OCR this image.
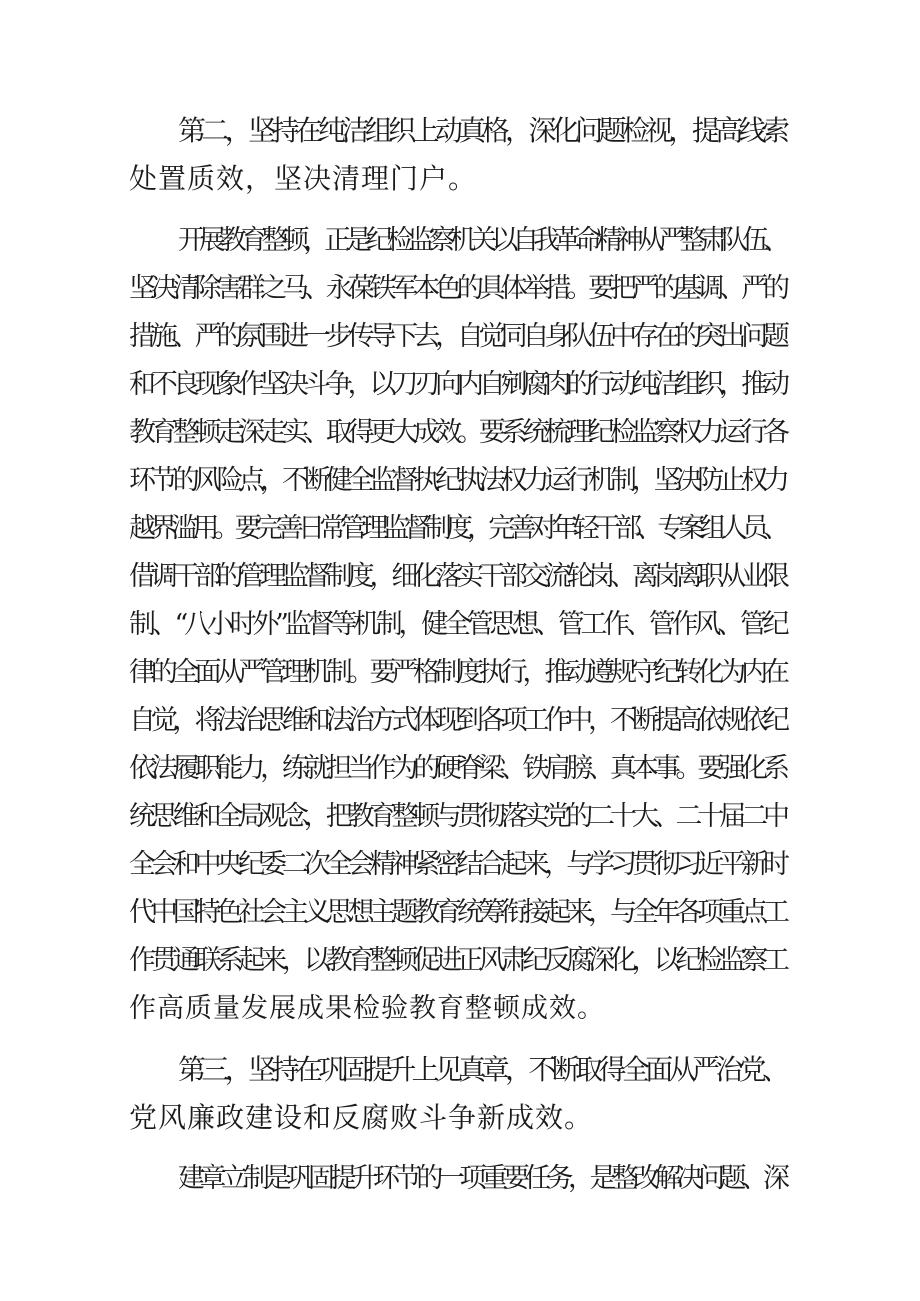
第二，坚持在纯洁组织上动真格，深化问题检视，提高线索
处置质效，坚决清理门户。
开展教育整顿，正是纪检监察机关以自我革命精神从严整肃队伍、
坚决清除害群之马、永葆铁军本色的具体举措。要把严的基调、严的
措施、严的氛围进一步传导下去，自觉同自身队伍中存在的突出问题
和不良现象作坚决斗争，以刀刃向内自剜腐肉的行动纯洁组织，推动
教育整顿走深走实、取得更大成效。要系统梳理纪检监察权力运行各
环节的风险点，不断健全监督执纪执法权力运行机制，坚决防止权力
越界滥用。要完善日常管理监督制度，完善对年轻干部、专案组人员、
借调干部的管理监督制度，细化落实干部交流轮岗、离岗离职从业限
制、“八小时外”监督等机制，健全管思想、管工作、管作风、管纪
律的全面从严管理机制。要严格制度执行，推动遵规守纪转化为内在
自觉，将法治思维和法治方式体现到各项工作中，不断提高依规依纪
依法履职能力，练就担当作为的硬脊梁、铁肩膀、真本事。要强化系
统思维和全局观念，把教育整顿与贯彻落实党的二十大、二十届二中
全会和中央纪委二次全会精神紧密结合起来，与学习贯彻习近平新时
代中国特色社会主义思想主题教育统筹衔接起来，与全年各项重点工
作贯通联系起来，以教育整顿促进正风肃纪反腐深化，以纪检监察工
作高质量发展成果检验教育整顿成效。
第三，坚持在巩固提升上见真章，不断取得全面从严治党、
党风廉政建设和反腐败斗争新成效。
建章立制是巩固提升环节的一项重要任务，是整改解决问题、深
